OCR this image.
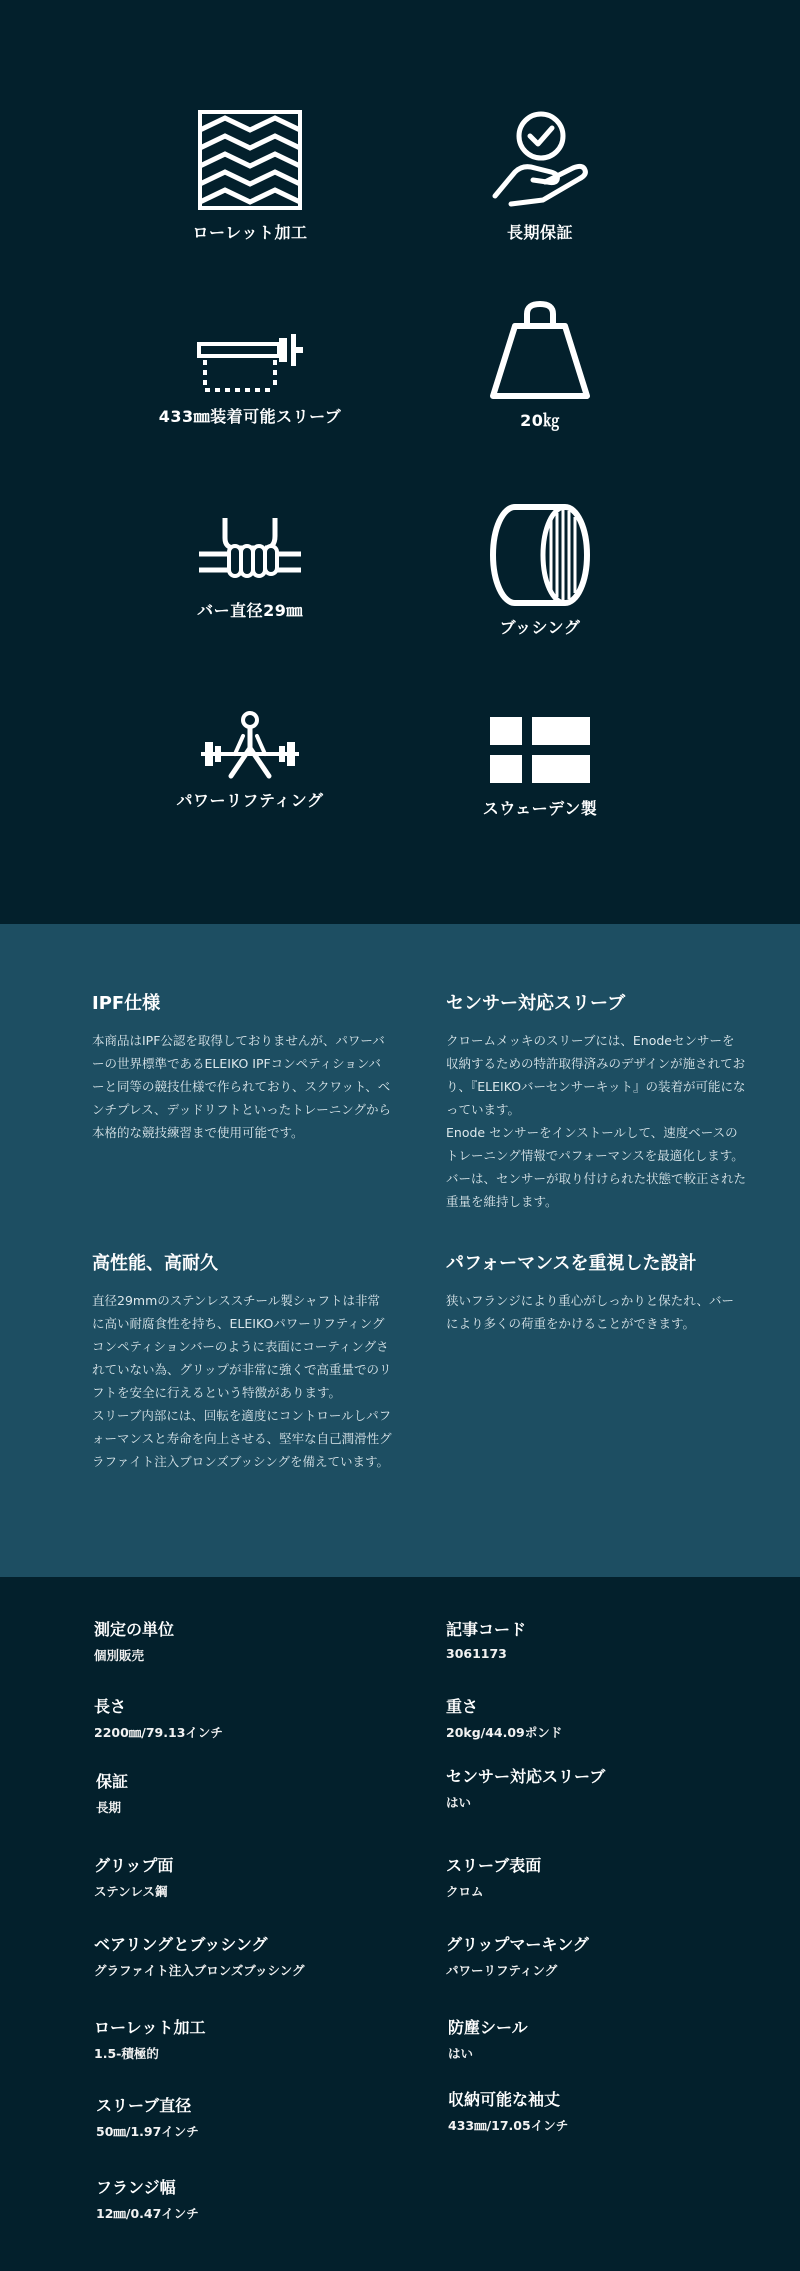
ローレット加工	長期保証
433㎜装着可能スリーブ	20㎏
バー直径29㎜
ブッシング
パワーリフティング	スウェーデン製
IPF仕様

本商品はIPF公認を取得しておりませんが、パワーバーの世界標準であるELEIKO IPFコンペティションバーと同等の競技仕様で作られており、スクワット、ベンチプレス、デッドリフトといったトレーニングから本格的な競技練習まで使用可能です。

センサー対応スリーブ

クロームメッキのスリーブには、Enodeセンサーを収納するための特許取得済みのデザインが施されており、『ELEIKOバーセンサーキット』の装着が可能になっています。
Enode センサーをインストールして、速度ベースのトレーニング情報でパフォーマンスを最適化します。バーは、センサーが取り付けられた状態で較正された重量を維持します。

高性能、高耐久

直径29mmのステンレススチール製シャフトは非常に高い耐腐食性を持ち、ELEIKOパワーリフティングコンペティションバーのように表面にコーティングされていない為、グリップが非常に強くで高重量でのリフトを安全に行えるという特徴があります。
スリーブ内部には、回転を適度にコントロールしパフォーマンスと寿命を向上させる、堅牢な自己潤滑性グラファイト注入ブロンズブッシングを備えています。

パフォーマンスを重視した設計

狭いフランジにより重心がしっかりと保たれ、バーにより多くの荷重をかけることができます。

測定の単位
個別販売
記事コード
3061173
長さ
2200㎜/79.13インチ
重さ
20kg/44.09ポンド
保証
長期
センサー対応スリーブ
はい
グリップ面
ステンレス鋼
スリーブ表面
クロム
ベアリングとブッシング
グラファイト注入ブロンズブッシング
グリップマーキング
パワーリフティング
ローレット加工
1.5-積極的
防塵シール
はい
スリーブ直径
50㎜/1.97インチ
収納可能な袖丈
433㎜/17.05インチ
フランジ幅
12㎜/0.47インチ
